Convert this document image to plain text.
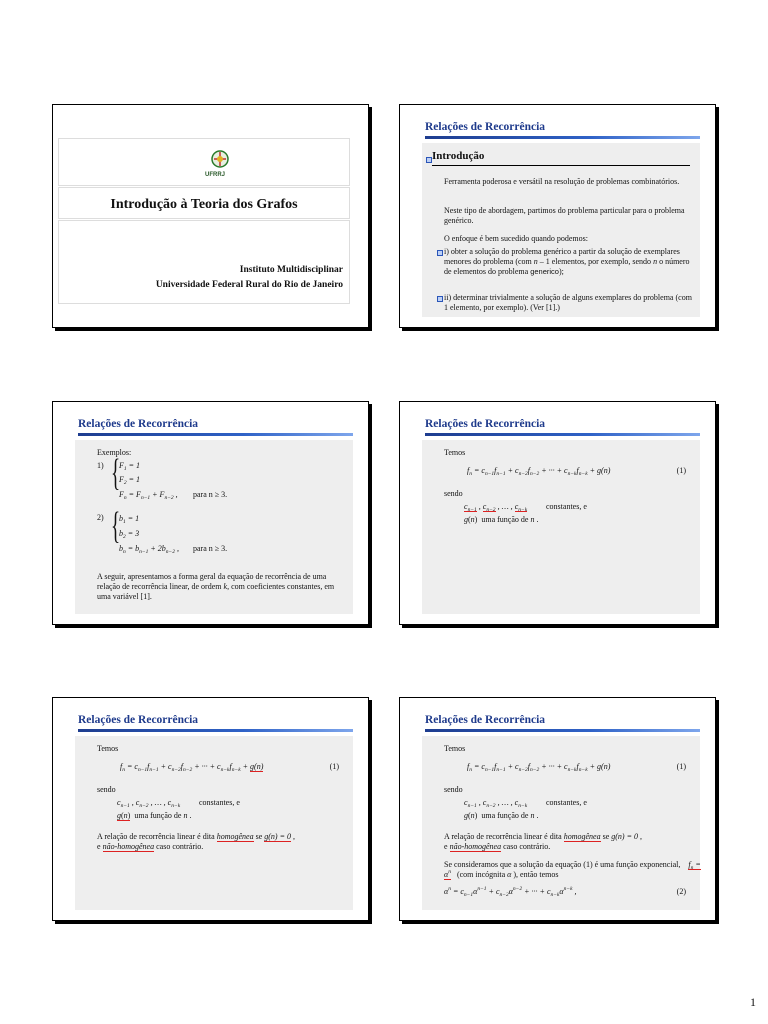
UFRRJ
Introdução à Teoria dos Grafos
Instituto Multidisciplinar
Universidade Federal Rural do Rio de Janeiro
Relações de Recorrência
Introdução
Ferramenta poderosa e versátil na resolução de problemas combinatórios.
Neste tipo de abordagem, partimos do problema particular para o problema genérico.
O enfoque é bem sucedido quando podemos:
i) obter a solução do problema genérico a partir da solução de exemplares menores do problema (com n – 1 elementos, por exemplo, sendo n o número de elementos do problema generico);
ii) determinar trivialmente a solução de alguns exemplares do problema (com 1 elemento, por exemplo). (Ver [1].)
Relações de Recorrência
Exemplos:
1) {
$F_1 = 1$
$F_2 = 1$
$F_n = F_{n-1} + F_{n-2}$ , para n ≥ 3.
2) {
$b_1 = 1$
$b_2 = 3$
$b_n = b_{n-1} + 2b_{n-2}$ , para n ≥ 3.
A seguir, apresentamos a forma geral da equação de recorrência de uma relação de recorrência linear, de ordem k, com coeficientes constantes, em uma variável [1].
Relações de Recorrência
Temos
$f_n = c_{n-1}f_{n-1} + c_{n-2}f_{n-2}$ + ··· + $c_{n-k}f_{n-k} + g(n)$	(1)
sendo
$c_{n-1}$ , $c_{n-2}$ , … , $c_{n-k}$ constantes, e
g(n)  uma função de n .
Relações de Recorrência
Temos
$f_n = c_{n-1}f_{n-1} + c_{n-2}f_{n-2}$ + ··· + $c_{n-k}f_{n-k} + g(n)$	(1)
sendo
$c_{n-1}$ , $c_{n-2}$ , … , $c_{n-k}$ constantes, e
g(n) uma função de n .
A relação de recorrência linear é dita homogênea se g(n) = 0 ,
e não-homogênea caso contrário.
Relações de Recorrência
Temos
$f_n = c_{n-1}f_{n-1} + c_{n-2}f_{n-2}$ + ··· + $c_{n-k}f_{n-k} + g(n)$	(1)
sendo
$c_{n-1}$ , $c_{n-2}$ , … , $c_{n-k}$ constantes, e
g(n)  uma função de n .
A relação de recorrência linear é dita homogênea se g(n) = 0 ,
e não-homogênea caso contrário.
Se consideramos que a solução da equação (1) é uma função exponencial,    $f_n = \alpha^n$ (com incógnita α ), então temos
$\alpha^n = c_{n-1}\alpha^{n-1} + c_{n-2}\alpha^{n-2}$ + ··· + $c_{n-k}\alpha^{n-k}$ ,	(2)
1
